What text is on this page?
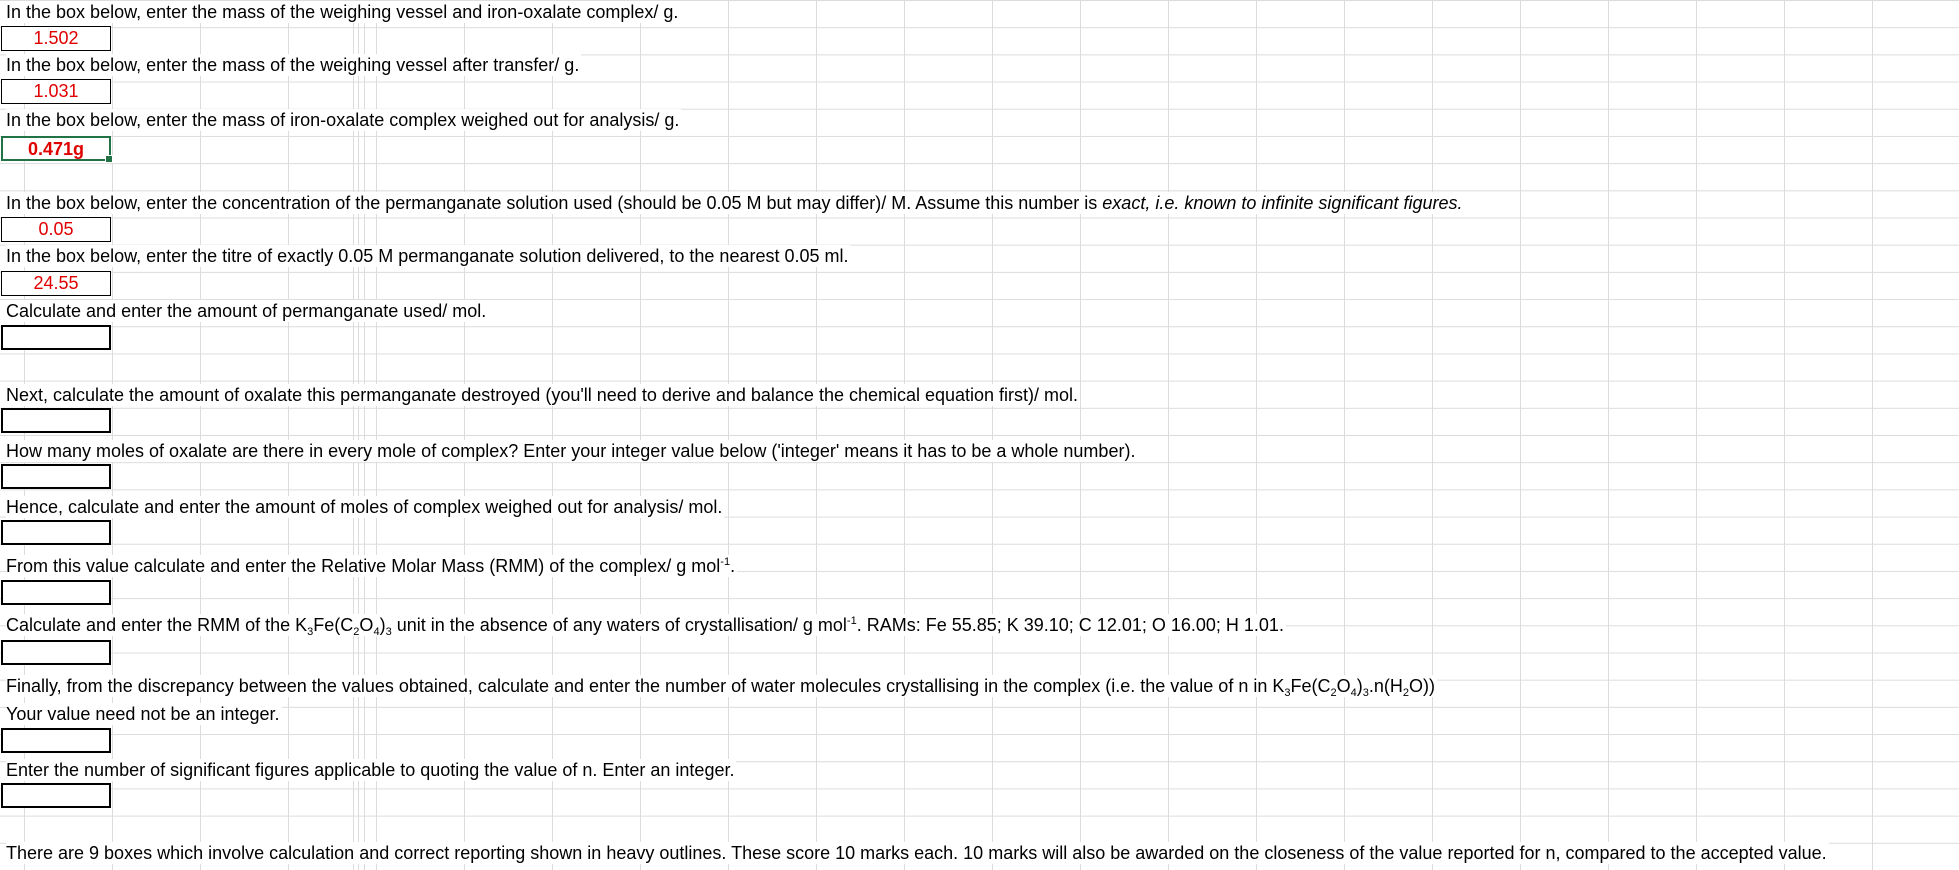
In the box below, enter the mass of the weighing vessel and iron-oxalate complex/ g.
1.502
In the box below, enter the mass of the weighing vessel after transfer/ g.
1.031
In the box below, enter the mass of iron-oxalate complex weighed out for analysis/ g.
0.471g
In the box below, enter the concentration of the permanganate solution used (should be 0.05 M but may differ)/ M. Assume this number is exact, i.e. known to infinite significant figures.
0.05
In the box below, enter the titre of exactly 0.05 M permanganate solution delivered, to the nearest 0.05 ml.
24.55
Calculate and enter the amount of permanganate used/ mol.
Next, calculate the amount of oxalate this permanganate destroyed (you'll need to derive and balance the chemical equation first)/ mol.
How many moles of oxalate are there in every mole of complex? Enter your integer value below ('integer' means it has to be a whole number).
Hence, calculate and enter the amount of moles of complex weighed out for analysis/ mol.
From this value calculate and enter the Relative Molar Mass (RMM) of the complex/ g mol$^{-1}$.
Calculate and enter the RMM of the $K_3Fe(C_2O_4)_3$ unit in the absence of any waters of crystallisation/ g mol$^{-1}$. RAMs: Fe 55.85; K 39.10; C 12.01; O 16.00; H 1.01.
Finally, from the discrepancy between the values obtained, calculate and enter the number of water molecules crystallising in the complex (i.e. the value of n in $K_3Fe(C_2O_4)_3.n(H_2O)$)
Your value need not be an integer.
Enter the number of significant figures applicable to quoting the value of n. Enter an integer.
There are 9 boxes which involve calculation and correct reporting shown in heavy outlines. These score 10 marks each. 10 marks will also be awarded on the closeness of the value reported for n, compared to the accepted value.
